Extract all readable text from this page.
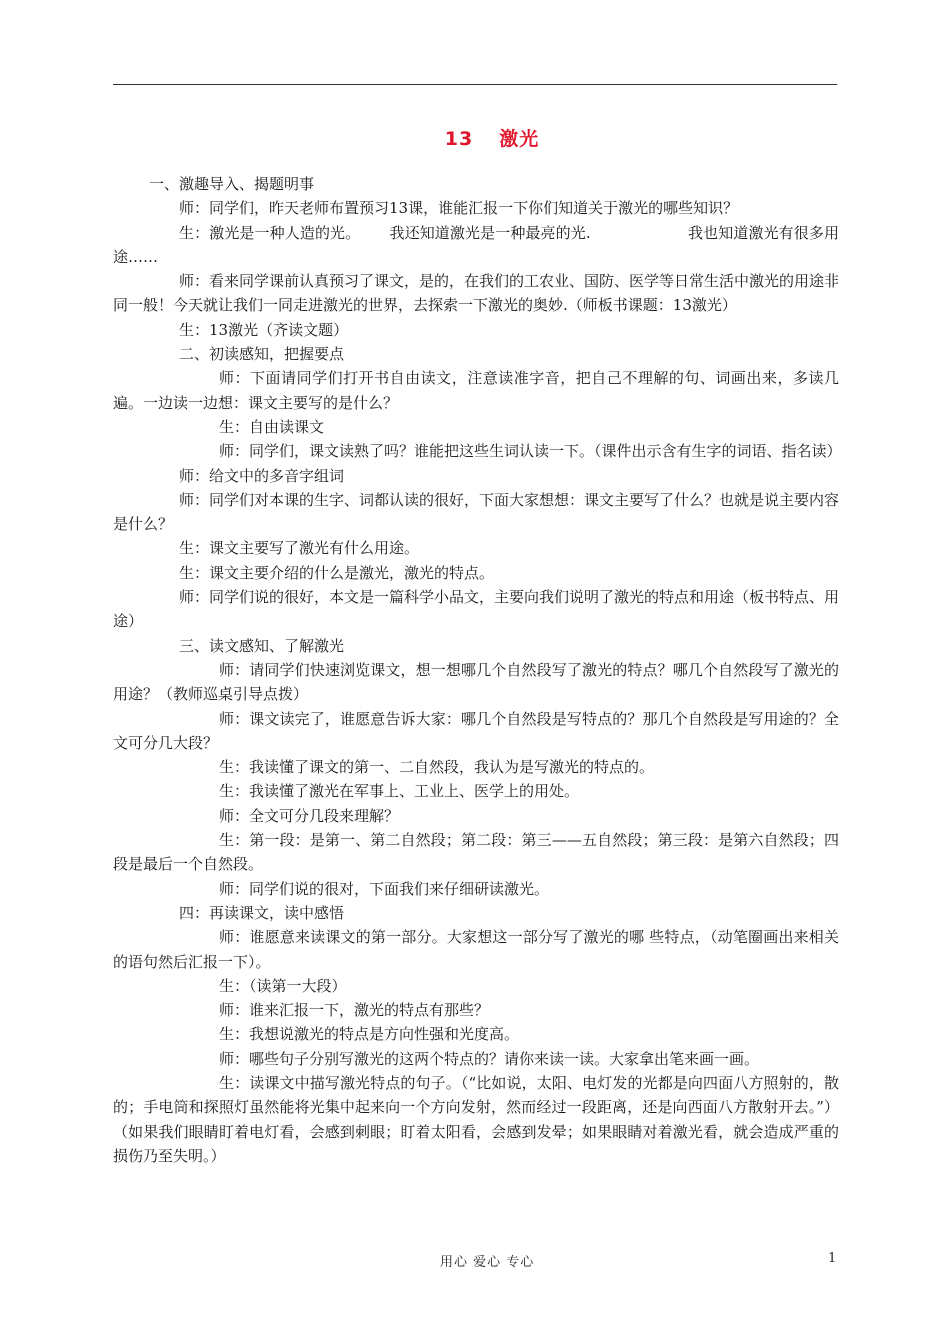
13 激光

一、激趣导入、揭题明事

师：同学们，昨天老师布置预习13课，谁能汇报一下你们知道关于激光的哪些知识？

生：激光是一种人造的光。      我还知道激光是一种最亮的光.                    我也知道激光有很多用途……

师：看来同学课前认真预习了课文，是的，在我们的工农业、国防、医学等日常生活中激光的用途非同一般！今天就让我们一同走进激光的世界，去探索一下激光的奥妙.（师板书课题：13激光）

生：13激光（齐读文题）

二、初读感知，把握要点

师：下面请同学们打开书自由读文，注意读准字音，把自己不理解的句、词画出来，多读几遍。一边读一边想：课文主要写的是什么？

生：自由读课文

师：同学们，课文读熟了吗？谁能把这些生词认读一下。（课件出示含有生字的词语、指名读）

师：给文中的多音字组词

师：同学们对本课的生字、词都认读的很好，下面大家想想：课文主要写了什么？也就是说主要内容是什么？

生：课文主要写了激光有什么用途。

生：课文主要介绍的什么是激光，激光的特点。

师：同学们说的很好，本文是一篇科学小品文，主要向我们说明了激光的特点和用途（板书特点、用途）

三、读文感知、了解激光

师：请同学们快速浏览课文，想一想哪几个自然段写了激光的特点？哪几个自然段写了激光的用途？（教师巡桌引导点拨）

师：课文读完了，谁愿意告诉大家：哪几个自然段是写特点的？那几个自然段是写用途的？全文可分几大段？

生：我读懂了课文的第一、二自然段，我认为是写激光的特点的。

生：我读懂了激光在军事上、工业上、医学上的用处。

师：全文可分几段来理解？

生：第一段：是第一、第二自然段；第二段：第三——五自然段；第三段：是第六自然段；四段是最后一个自然段。

师：同学们说的很对，下面我们来仔细研读激光。

四：再读课文，读中感悟

师：谁愿意来读课文的第一部分。大家想这一部分写了激光的哪 些特点，（动笔圈画出来相关的语句然后汇报一下）。

生：（读第一大段）

师：谁来汇报一下，激光的特点有那些？

生：我想说激光的特点是方向性强和光度高。

师：哪些句子分别写激光的这两个特点的？请你来读一读。大家拿出笔来画一画。

生：读课文中描写激光特点的句子。（“比如说，太阳、电灯发的光都是向四面八方照射的，散的；手电筒和探照灯虽然能将光集中起来向一个方向发射，然而经过一段距离，还是向西面八方散射开去。”）（如果我们眼睛盯着电灯看，会感到刺眼；盯着太阳看，会感到发晕；如果眼睛对着激光看，就会造成严重的损伤乃至失明。）

用心 爱心 专心	1
